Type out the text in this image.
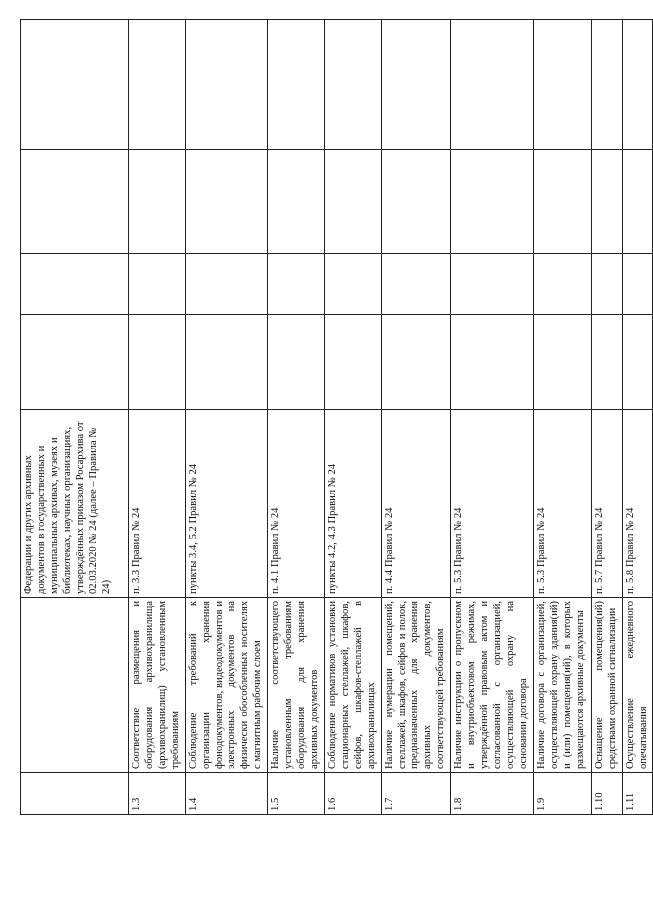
		Федерации и других архивных документов в государственных и муниципальных архивах, музеях и библиотеках, научных организациях, утверждённых приказом Росархива от 02.03.2020 № 24 (далее – Правила № 24)				
1.3	Соответствие размещения и оборудования архивохранилища (архивохранилищ) установленным требованиям	п. 3.3 Правил № 24				
1.4	Соблюдение требований к организации хранения фонодокументов, видеодокументов и электронных документов на физически обособленных носителях с магнитным рабочим слоем	пункты 3.4, 5.2 Правил № 24				
1.5	Наличие соответствующего установленным требованиям оборудования для хранения архивных документов	п. 4.1 Правил № 24				
1.6	Соблюдение нормативов установки стационарных стеллажей, шкафов, сейфов, шкафов-стеллажей в архивохранилищах	пункты 4.2, 4.3 Правил № 24				
1.7	Наличие нумерации помещений, стеллажей, шкафов, сейфов и полок, предназначенных для хранения архивных документов, соответствующей требованиям	п. 4.4 Правил № 24				
1.8	Наличие инструкции о пропускном и внутриобъектовом режимах, утверждённой правовым актом и согласованной с организацией, осуществляющей охрану на основании договора	п. 5.3 Правил № 24				
1.9	Наличие договора с организацией, осуществляющей охрану здания(ий) и (или) помещения(ий), в которых размещаются архивные документы	п. 5.3 Правил № 24				
1.10	Оснащение помещения(ий) средствами охранной сигнализации	п. 5.7 Правил № 24				
1.11	Осуществление ежедневного опечатывания	п. 5.8 Правил № 24				
